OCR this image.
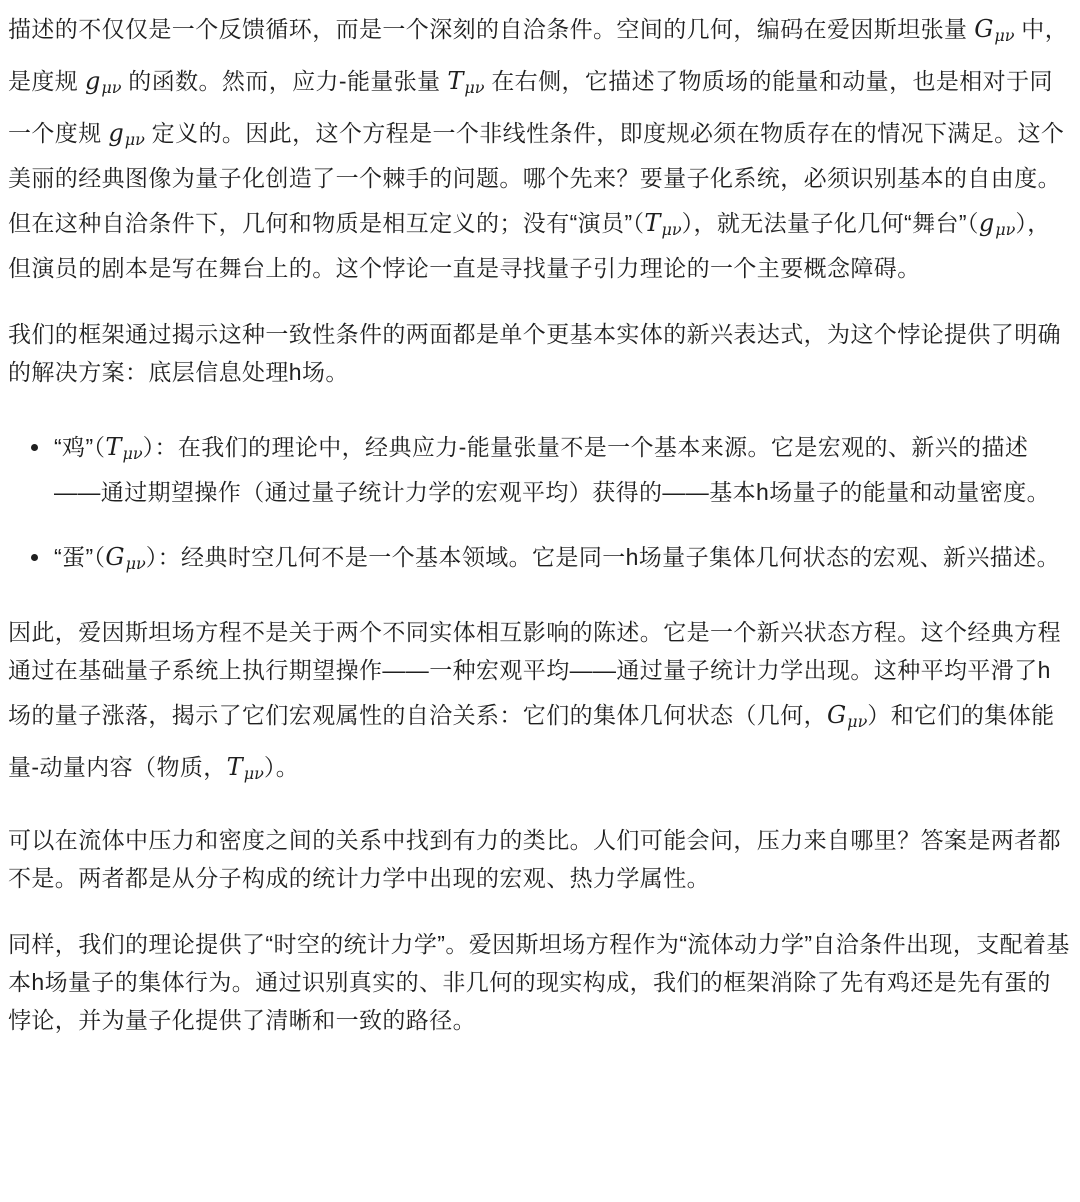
描述的不仅仅是一个反馈循环，而是一个深刻的自洽条件。空间的几何，编码在爱因斯坦张量 $G_{\mu\nu}$ 中，是度规 $g_{\mu\nu}$ 的函数。然而，应力-能量张量 $T_{\mu\nu}$ 在右侧，它描述了物质场的能量和动量，也是相对于同一个度规 $g_{\mu\nu}$ 定义的。因此，这个方程是一个非线性条件，即度规必须在物质存在的情况下满足。这个美丽的经典图像为量子化创造了一个棘手的问题。哪个先来？要量子化系统，必须识别基本的自由度。但在这种自洽条件下，几何和物质是相互定义的；没有“演员$”(T_{\mu\nu})$，就无法量子化几何“舞台$”(g_{\mu\nu})$，但演员的剧本是写在舞台上的。这个悖论一直是寻找量子引力理论的一个主要概念障碍。

我们的框架通过揭示这种一致性条件的两面都是单个更基本实体的新兴表达式，为这个悖论提供了明确的解决方案：底层信息处理h场。

• “鸡$”(T_{\mu\nu})$：在我们的理论中，经典应力-能量张量不是一个基本来源。它是宏观的、新兴的描述——通过期望操作（通过量子统计力学的宏观平均）获得的——基本h场量子的能量和动量密度。
• “蛋$”(G_{\mu\nu})$：经典时空几何不是一个基本领域。它是同一h场量子集体几何状态的宏观、新兴描述。

因此，爱因斯坦场方程不是关于两个不同实体相互影响的陈述。它是一个新兴状态方程。这个经典方程通过在基础量子系统上执行期望操作——一种宏观平均——通过量子统计力学出现。这种平均平滑了h场的量子涨落，揭示了它们宏观属性的自洽关系：它们的集体几何状态（几何，$G_{\mu\nu}$）和它们的集体能量-动量内容（物质，$T_{\mu\nu}$）。

可以在流体中压力和密度之间的关系中找到有力的类比。人们可能会问，压力来自哪里？答案是两者都不是。两者都是从分子构成的统计力学中出现的宏观、热力学属性。

同样，我们的理论提供了“时空的统计力学”。爱因斯坦场方程作为“流体动力学”自洽条件出现，支配着基本h场量子的集体行为。通过识别真实的、非几何的现实构成，我们的框架消除了先有鸡还是先有蛋的悖论，并为量子化提供了清晰和一致的路径。
